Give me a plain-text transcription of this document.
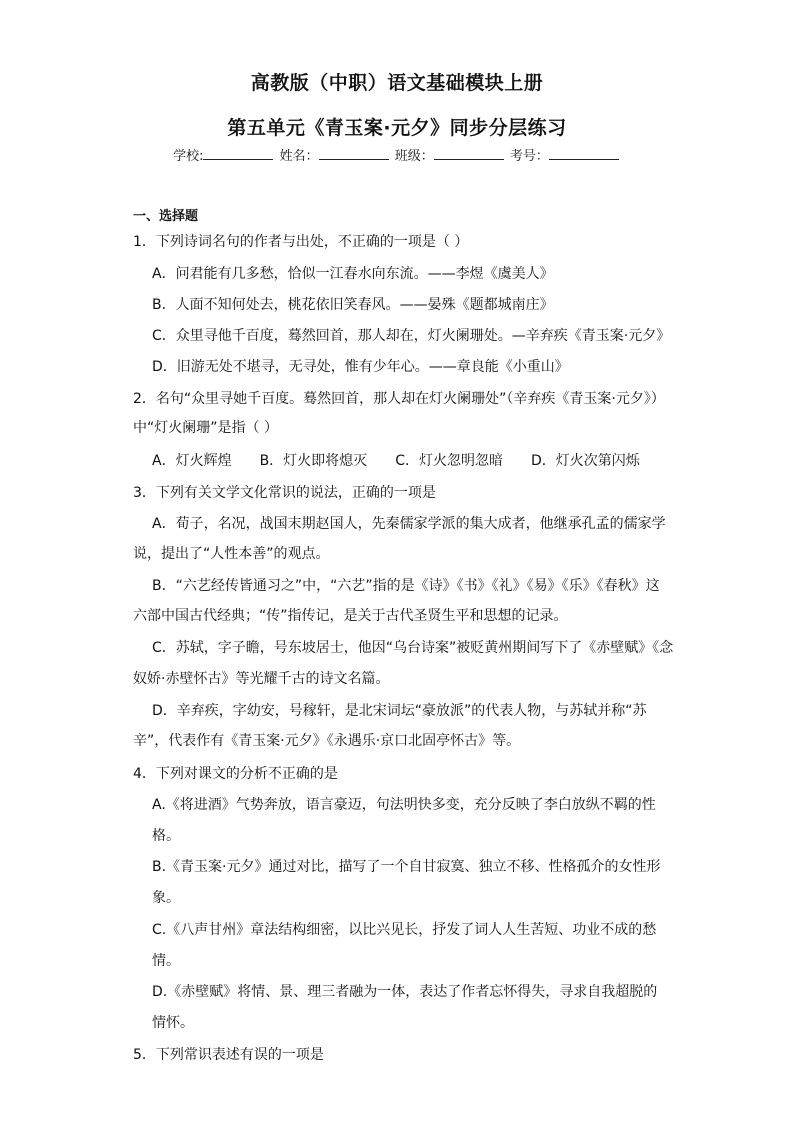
高教版（中职）语文基础模块上册
第五单元《青玉案·元夕》同步分层练习
学校:	姓名：	班级：	考号：
一、选择题
1．下列诗词名句的作者与出处，不正确的一项是（ ）
A．问君能有几多愁，恰似一江春水向东流。——李煜《虞美人》
B．人面不知何处去，桃花依旧笑春风。——晏殊《题都城南庄》
C．众里寻他千百度，蓦然回首，那人却在，灯火阑珊处。—辛弃疾《青玉案·元夕》
D．旧游无处不堪寻，无寻处，惟有少年心。——章良能《小重山》
2．名句“众里寻她千百度。蓦然回首，那人却在灯火阑珊处”（辛弃疾《青玉案·元夕》）
中“灯火阑珊”是指（ ）
A．灯火辉煌 B．灯火即将熄灭 C．灯火忽明忽暗 D．灯火次第闪烁
3．下列有关文学文化常识的说法，正确的一项是
A．荀子，名况，战国末期赵国人，先秦儒家学派的集大成者，他继承孔孟的儒家学
说，提出了“人性本善”的观点。
B．“六艺经传皆通习之”中，“六艺”指的是《诗》《书》《礼》《易》《乐》《春秋》这
六部中国古代经典；“传”指传记，是关于古代圣贤生平和思想的记录。
C．苏轼，字子瞻，号东坡居士，他因“乌台诗案”被贬黄州期间写下了《赤壁赋》《念
奴娇·赤壁怀古》等光耀千古的诗文名篇。
D．辛弃疾，字幼安，号稼轩，是北宋词坛“豪放派”的代表人物，与苏轼并称“苏
辛”，代表作有《青玉案·元夕》《永遇乐·京口北固亭怀古》等。
4．下列对课文的分析不正确的是
A.《将进酒》气势奔放，语言豪迈，句法明快多变，充分反映了李白放纵不羁的性
格。
B.《青玉案·元夕》通过对比，描写了一个自甘寂寞、独立不移、性格孤介的女性形
象。
C.《八声甘州》章法结构细密，以比兴见长，抒发了词人人生苦短、功业不成的愁
情。
D.《赤壁赋》将情、景、理三者融为一体，表达了作者忘怀得失，寻求自我超脱的
情怀。
5．下列常识表述有误的一项是
